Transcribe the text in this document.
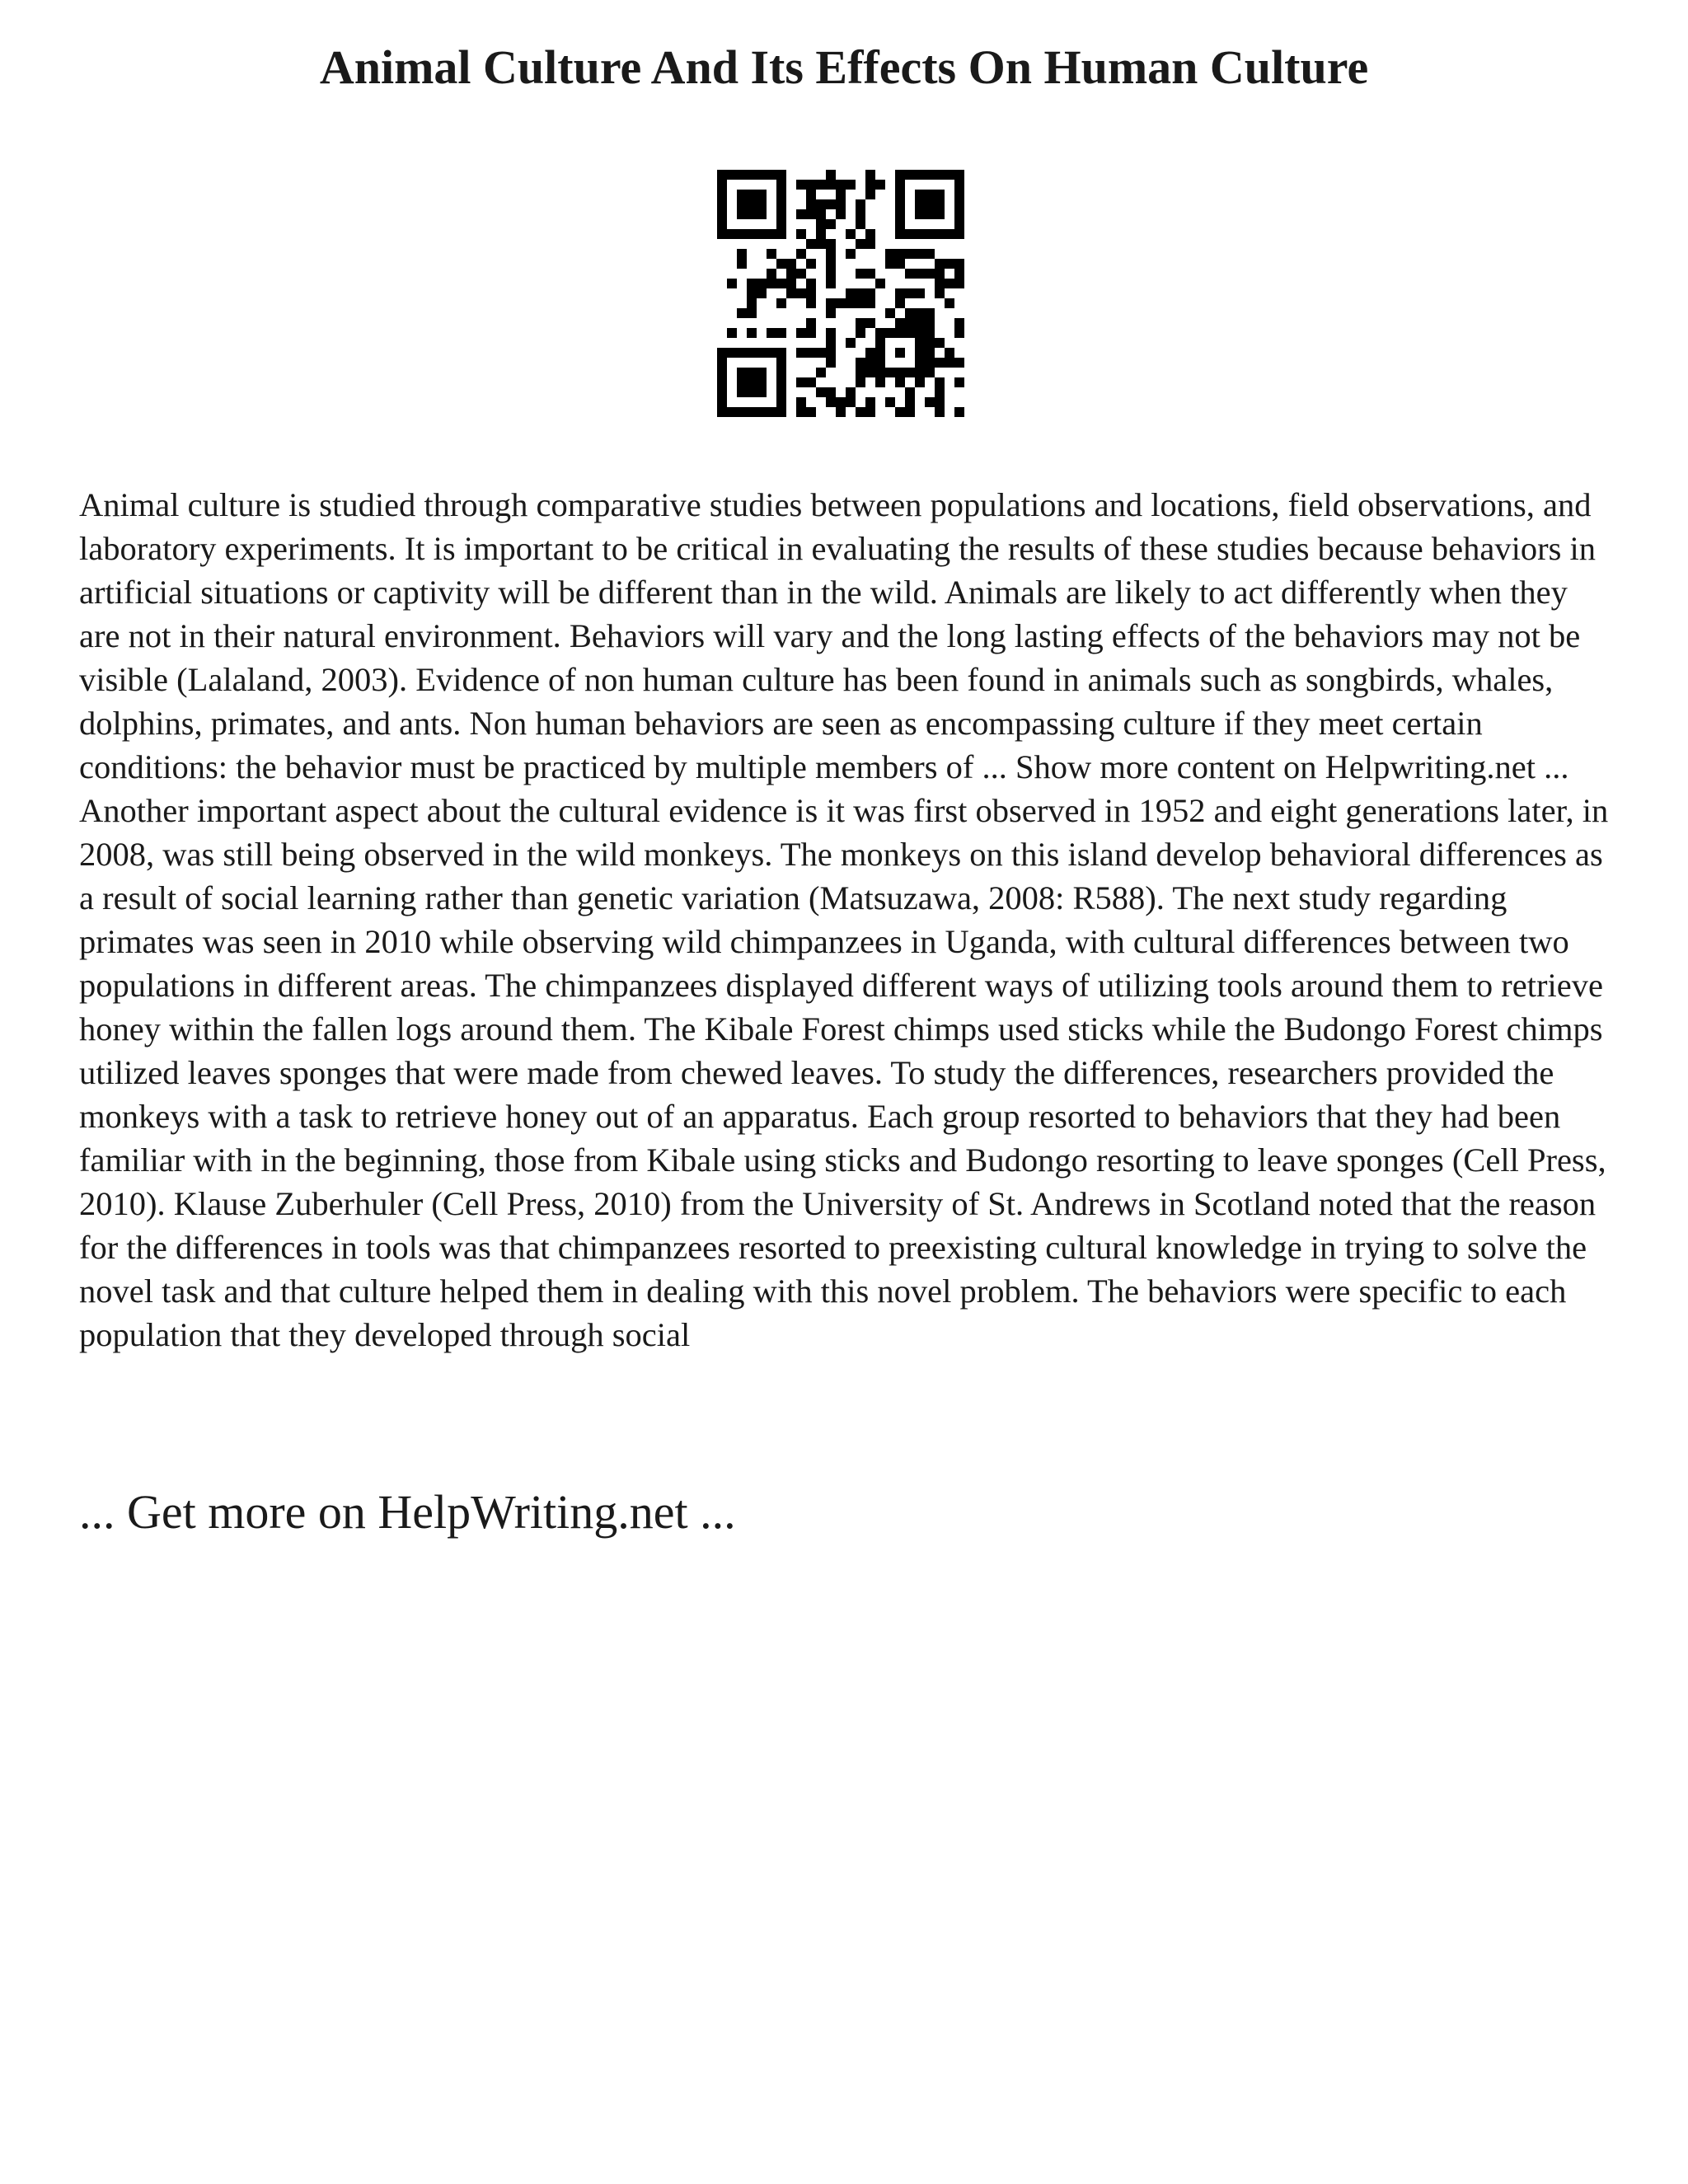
Animal Culture And Its Effects On Human Culture

Animal culture is studied through comparative studies between populations and locations, field observations, and laboratory experiments. It is important to be critical in evaluating the results of these studies because behaviors in artificial situations or captivity will be different than in the wild. Animals are likely to act differently when they are not in their natural environment. Behaviors will vary and the long lasting effects of the behaviors may not be visible (Lalaland, 2003). Evidence of non human culture has been found in animals such as songbirds, whales, dolphins, primates, and ants. Non human behaviors are seen as encompassing culture if they meet certain conditions: the behavior must be practiced by multiple members of ... Show more content on Helpwriting.net ...

Another important aspect about the cultural evidence is it was first observed in 1952 and eight generations later, in 2008, was still being observed in the wild monkeys. The monkeys on this island develop behavioral differences as a result of social learning rather than genetic variation (Matsuzawa, 2008: R588). The next study regarding primates was seen in 2010 while observing wild chimpanzees in Uganda, with cultural differences between two populations in different areas. The chimpanzees displayed different ways of utilizing tools around them to retrieve honey within the fallen logs around them. The Kibale Forest chimps used sticks while the Budongo Forest chimps utilized leaves sponges that were made from chewed leaves. To study the differences, researchers provided the monkeys with a task to retrieve honey out of an apparatus. Each group resorted to behaviors that they had been familiar with in the beginning, those from Kibale using sticks and Budongo resorting to leave sponges (Cell Press, 2010). Klause Zuberhuler (Cell Press, 2010) from the University of St. Andrews in Scotland noted that the reason for the differences in tools was that chimpanzees resorted to preexisting cultural knowledge in trying to solve the novel task and that culture helped them in dealing with this novel problem. The behaviors were specific to each population that they developed through social

... Get more on HelpWriting.net ...
